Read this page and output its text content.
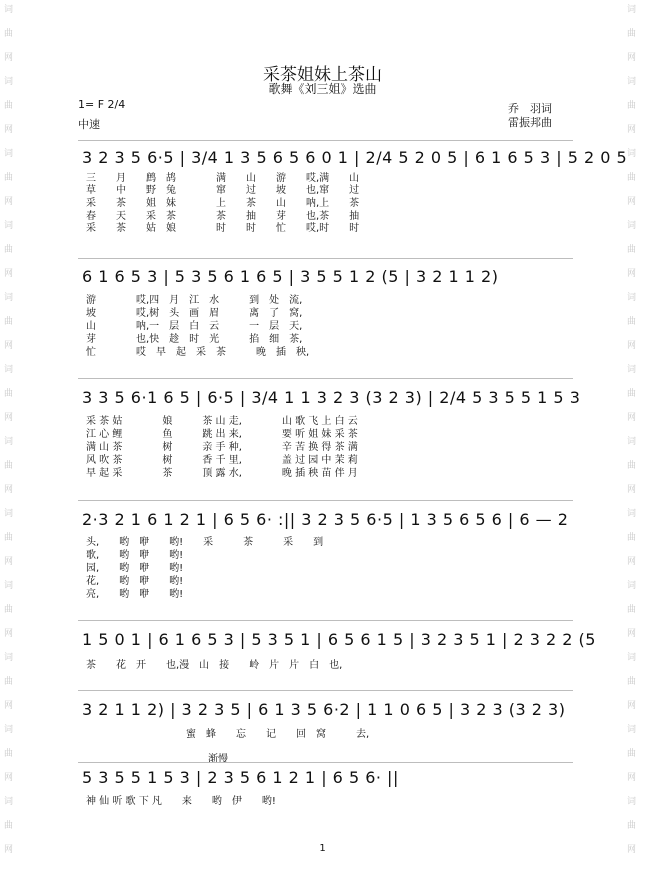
词
曲
网
词
曲
网
词
曲
网
词
曲
网
词
曲
网
词
曲
网
词
曲
网
词
曲
网
词
曲
网
词
曲
网
词
曲
网
词
曲
网
词
曲
网
词
曲
网
词
曲
网
词
曲
网
词
曲
网
词
曲
网
词
曲
网
词
曲
网
词
曲
网
词
曲
网
词
曲
网
词
曲
网
采茶姐妹上茶山
歌舞《刘三姐》选曲
1= F 2/4
中速
乔　羽词
雷振邦曲
3 2 3 5 6·5 | 3/4 1 3 5 6 5 6 0 1 | 2/4 5 2 0 5 | 6 1 6 5 3 | 5 2 0 5
三　　月　　鹧　鸪　　　　满　　山　　游　　哎,满　　山
草　　中　　野　兔　　　　窜　　过　　坡　　也,窜　　过
采　　茶　　姐　妹　　　　上　　茶　　山　　呐,上　　茶
春　　天　　采　茶　　　　茶　　抽　　芽　　也,茶　　抽
采　　茶　　姑　娘　　　　时　　时　　忙　　哎,时　　时
6 1 6 5 3 | 5 3 5 6 1 6 5 | 3 5 5 1 2 (5 | 3 2 1 1 2)
游　　　　哎,四　月　江　水　　　到　处　流,
坡　　　　哎,树　头　画　眉　　　离　了　窝,
山　　　　呐,一　层　白　云　　　一　层　天,
芽　　　　也,快　趁　时　光　　　掐　细　茶,
忙　　　　哎　早　起　采　茶　　　晚　插　秧,
3 3 5 6·1 6 5 | 6·5 | 3/4 1 1 3 2 3 (3 2 3) | 2/4 5 3 5 5 1 5 3
采 茶 姑　　　　娘　　　茶 山 走,　　　　山 歌 飞 上 白 云
江 心 鲤　　　　鱼　　　跳 出 来,　　　　要 听 姐 妹 采 茶
满 山 茶　　　　树　　　亲 手 种,　　　　辛 苦 换 得 茶 满
风 吹 茶　　　　树　　　香 千 里,　　　　盖 过 园 中 茉 莉
早 起 采　　　　茶　　　顶 露 水,　　　　晚 插 秧 苗 伴 月
2·3 2 1 6 1 2 1 | 6 5 6· :|| 3 2 3 5 6·5 | 1 3 5 6 5 6 | 6 — 2
头,　　哟　咿　　哟!　　采　　　茶　　　采　　到
歌,　　哟　咿　　哟!
园,　　哟　咿　　哟!
花,　　哟　咿　　哟!
亮,　　哟　咿　　哟!
1 5 0 1 | 6 1 6 5 3 | 5 3 5 1 | 6 5 6 1 5 | 3 2 3 5 1 | 2 3 2 2 (5
茶　　花　开　　也,漫　山　接　　岭　片　片　白　也,
3 2 1 1 2) | 3 2 3 5 | 6 1 3 5 6·2 | 1 1 0 6 5 | 3 2 3 (3 2 3)
　　　　　　　　　　蜜　蜂　　忘　　记　　回　窝　　　去,
渐慢
5 3 5 5 1 5 3 | 2 3 5 6 1 2 1 | 6 5 6· ||
神 仙 听 歌 下 凡　　来　　哟　伊　　哟!
1
